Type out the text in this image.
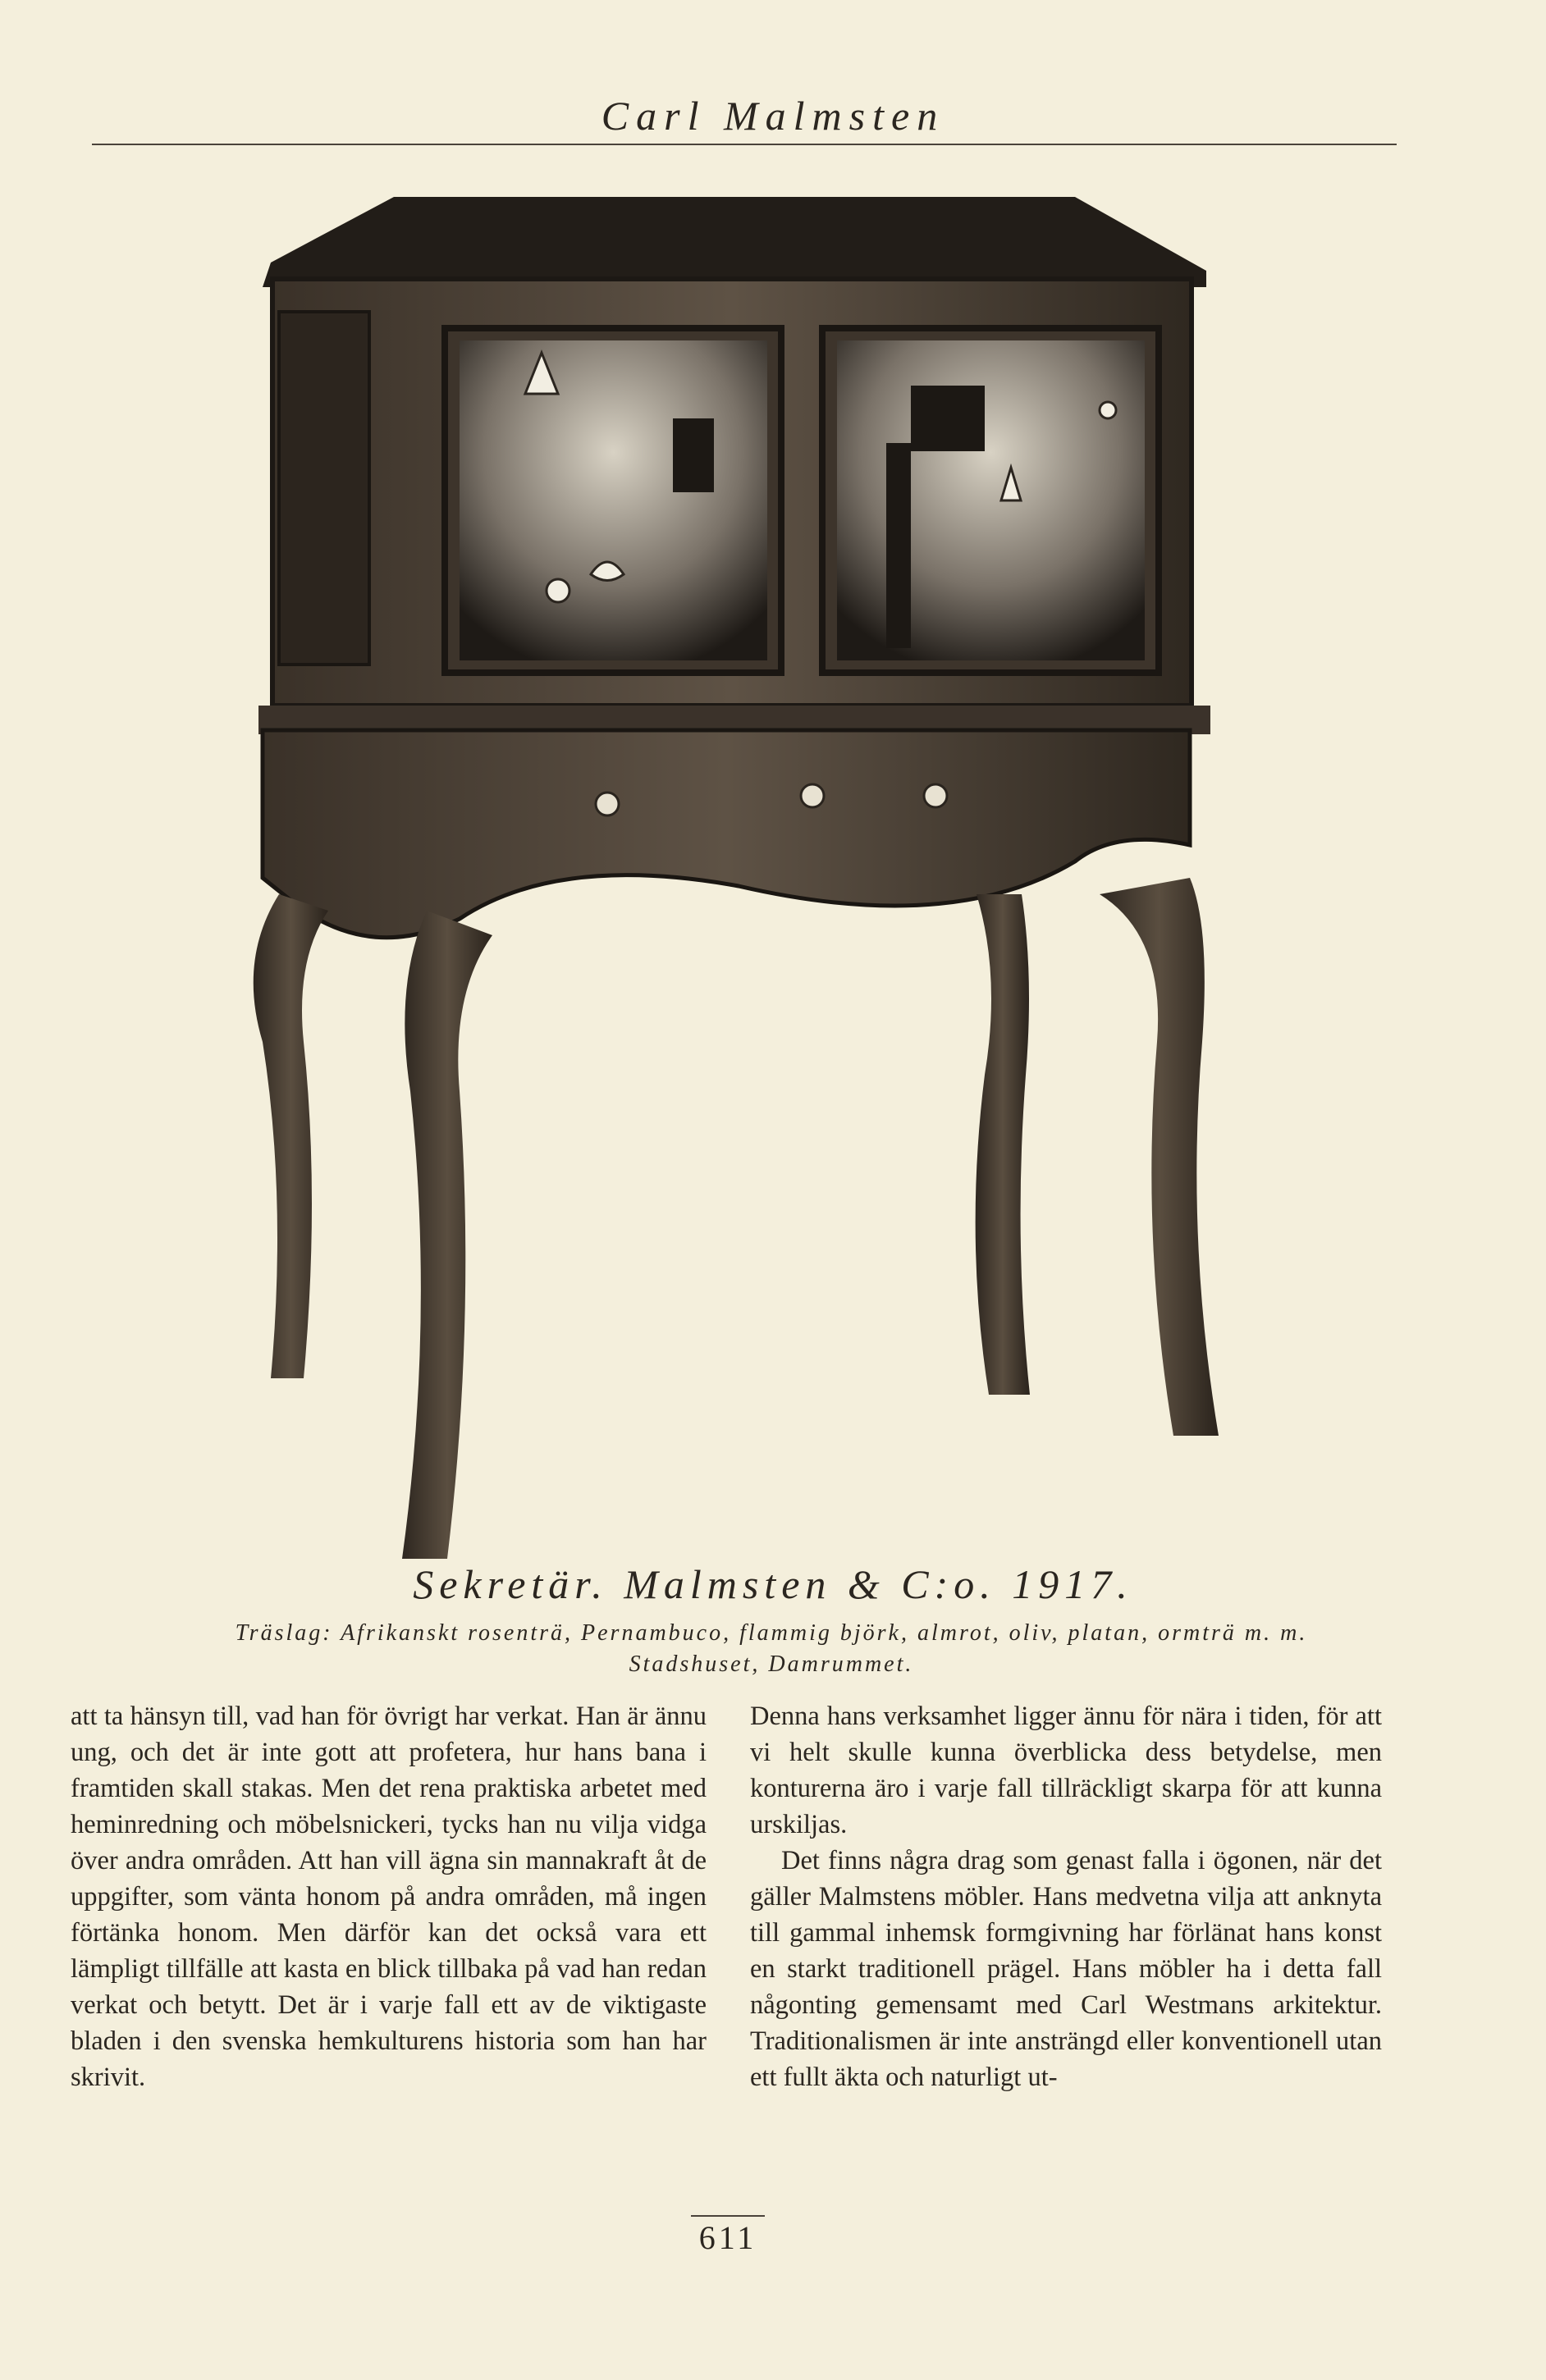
Carl Malmsten
Sekretär. Malmsten & C:o. 1917.
Träslag: Afrikanskt rosenträ, Pernambuco, flammig björk, almrot, oliv, platan, ormträ m. m.
Stadshuset, Damrummet.

att ta hänsyn till, vad han för övrigt har verkat. Han är ännu ung, och det är inte gott att profetera, hur hans bana i framtiden skall stakas. Men det rena praktiska arbetet med heminredning och möbelsnickeri, tycks han nu vilja vidga över andra områden. Att han vill ägna sin mannakraft åt de uppgifter, som vänta honom på andra områden, må ingen förtänka honom. Men därför kan det också vara ett lämpligt tillfälle att kasta en blick tillbaka på vad han redan verkat och betytt. Det är i varje fall ett av de viktigaste bladen i den svenska hemkulturens historia som han har skrivit.

Denna hans verksamhet ligger ännu för nära i tiden, för att vi helt skulle kunna överblicka dess betydelse, men konturerna äro i varje fall tillräckligt skarpa för att kunna urskiljas.

Det finns några drag som genast falla i ögonen, när det gäller Malmstens möbler. Hans medvetna vilja att anknyta till gammal inhemsk formgivning har förlänat hans konst en starkt traditionell prägel. Hans möbler ha i detta fall någonting gemensamt med Carl Westmans arkitektur. Traditionalismen är inte ansträngd eller konventionell utan ett fullt äkta och naturligt ut-

611
